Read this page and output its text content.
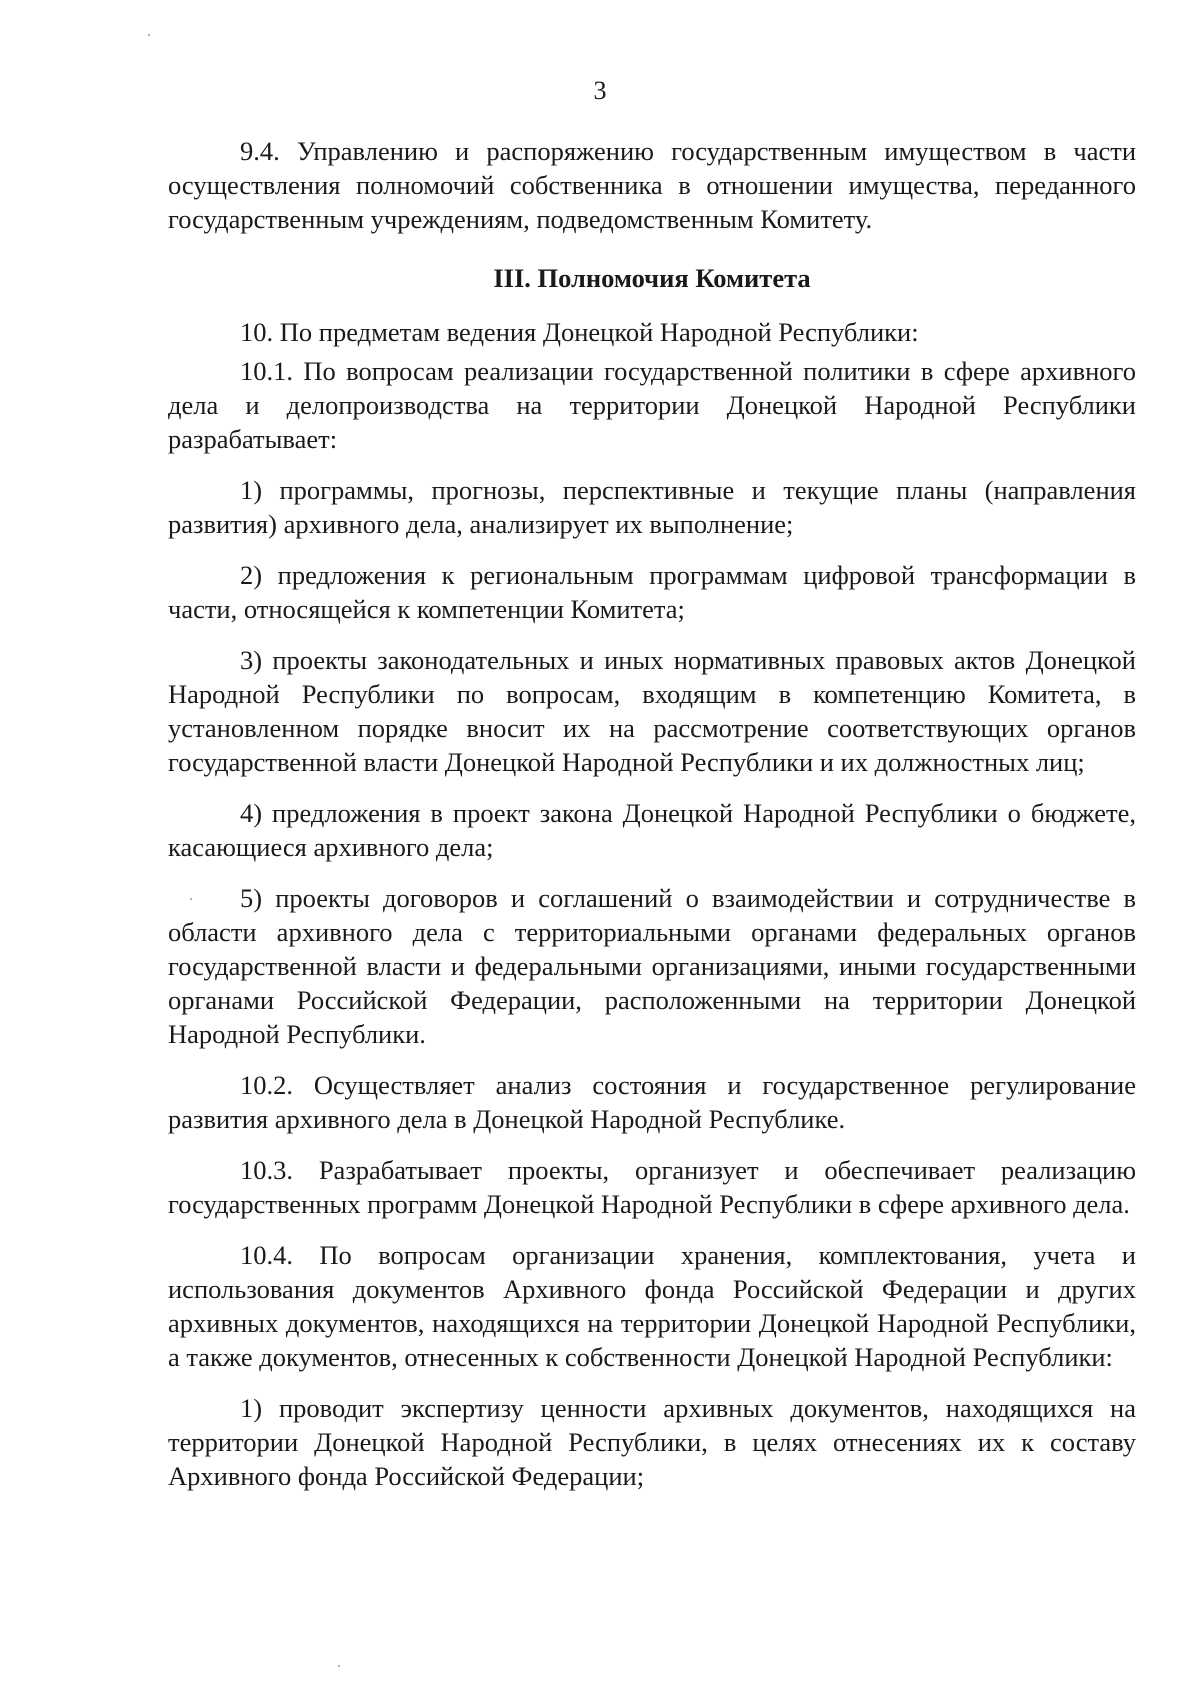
3

9.4. Управлению и распоряжению государственным имуществом в части осуществления полномочий собственника в отношении имущества, переданного государственным учреждениям, подведомственным Комитету.

III. Полномочия Комитета

10. По предметам ведения Донецкой Народной Республики:

10.1. По вопросам реализации государственной политики в сфере архивного дела и делопроизводства на территории Донецкой Народной Республики разрабатывает:

1) программы, прогнозы, перспективные и текущие планы (направления развития) архивного дела, анализирует их выполнение;

2) предложения к региональным программам цифровой трансформации в части, относящейся к компетенции Комитета;

3) проекты законодательных и иных нормативных правовых актов Донецкой Народной Республики по вопросам, входящим в компетенцию Комитета, в установленном порядке вносит их на рассмотрение соответствующих органов государственной власти Донецкой Народной Республики и их должностных лиц;

4) предложения в проект закона Донецкой Народной Республики о бюджете, касающиеся архивного дела;

5) проекты договоров и соглашений о взаимодействии и сотрудничестве в области архивного дела с территориальными органами федеральных органов государственной власти и федеральными организациями, иными государственными органами Российской Федерации, расположенными на территории Донецкой Народной Республики.

10.2. Осуществляет анализ состояния и государственное регулирование развития архивного дела в Донецкой Народной Республике.

10.3. Разрабатывает проекты, организует и обеспечивает реализацию государственных программ Донецкой Народной Республики в сфере архивного дела.

10.4. По вопросам организации хранения, комплектования, учета и использования документов Архивного фонда Российской Федерации и других архивных документов, находящихся на территории Донецкой Народной Республики, а также документов, отнесенных к собственности Донецкой Народной Республики:

1) проводит экспертизу ценности архивных документов, находящихся на территории Донецкой Народной Республики, в целях отнесениях их к составу Архивного фонда Российской Федерации;
